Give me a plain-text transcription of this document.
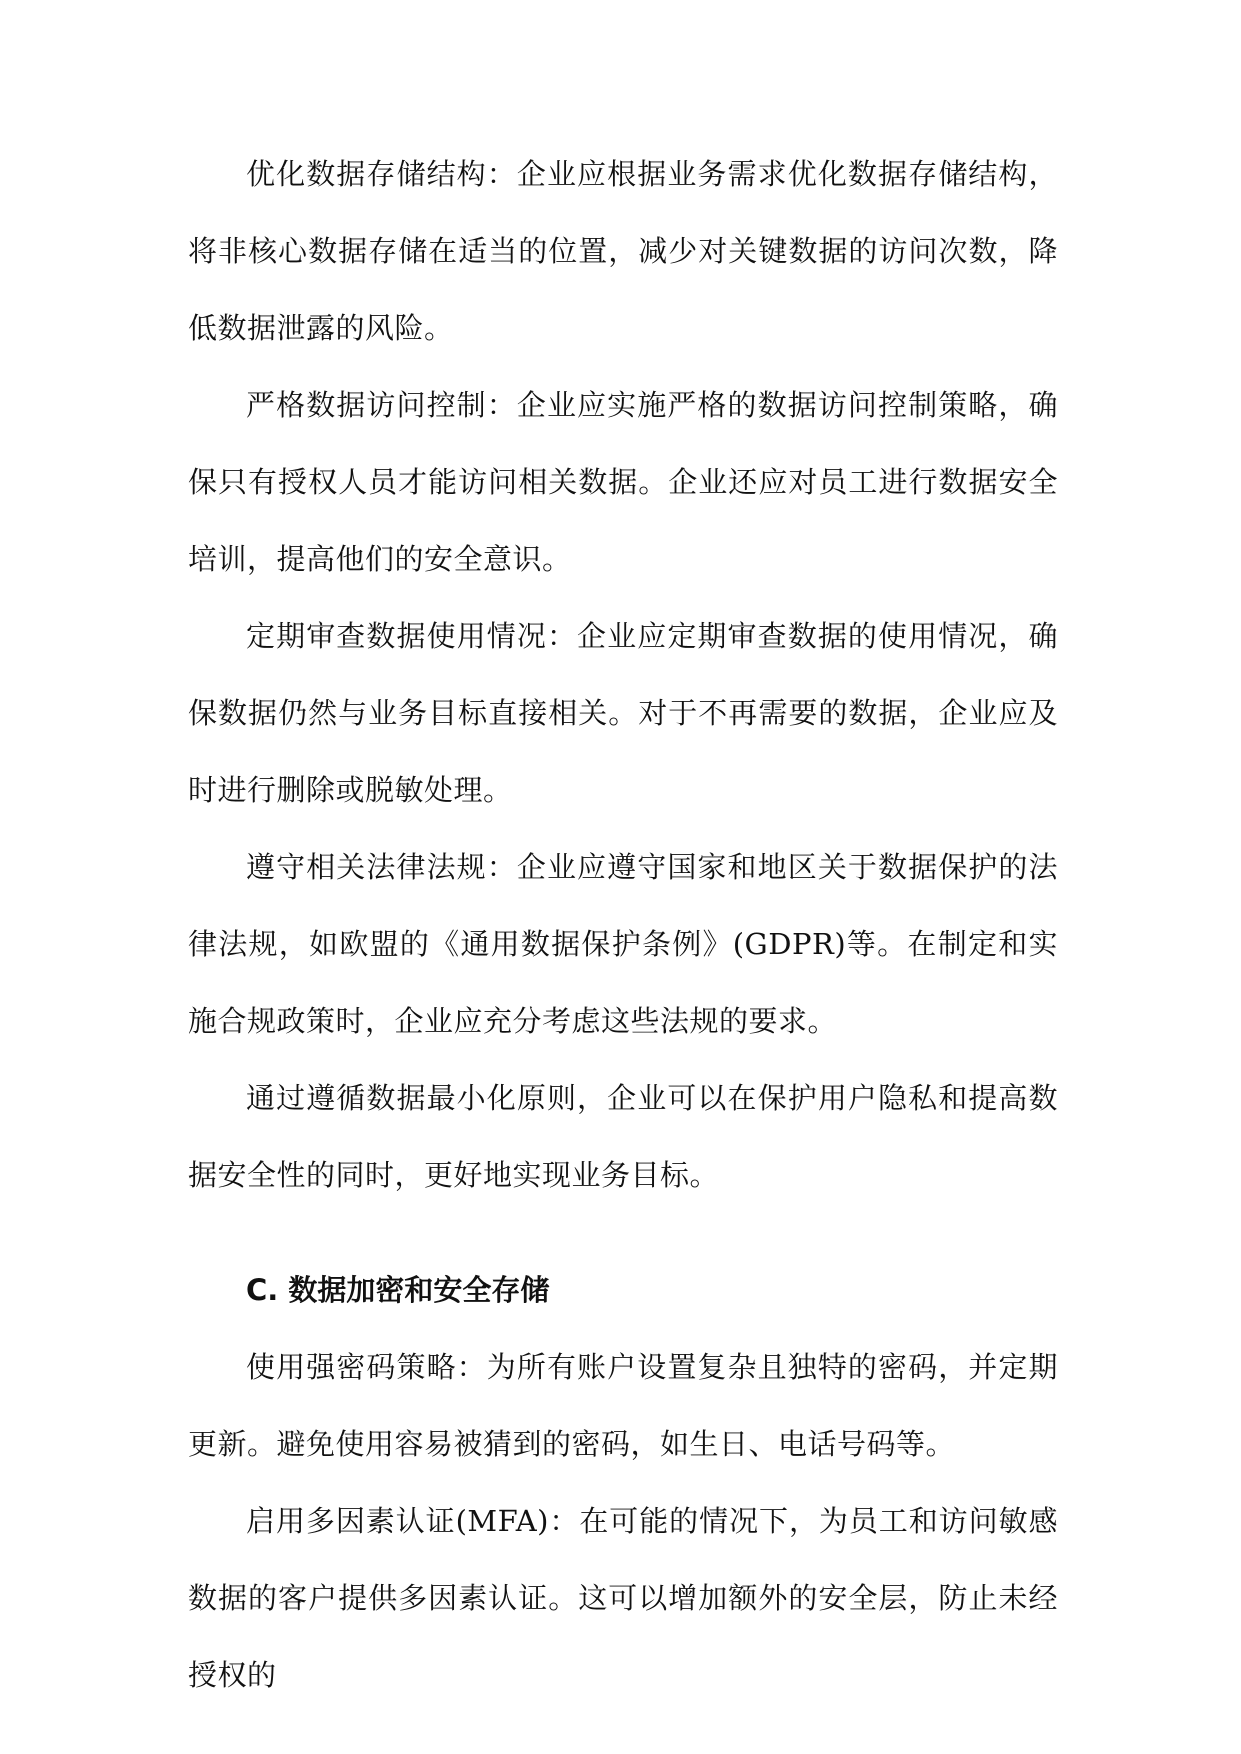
优化数据存储结构：企业应根据业务需求优化数据存储结构，将非核心数据存储在适当的位置，减少对关键数据的访问次数，降低数据泄露的风险。

严格数据访问控制：企业应实施严格的数据访问控制策略，确保只有授权人员才能访问相关数据。企业还应对员工进行数据安全培训，提高他们的安全意识。

定期审查数据使用情况：企业应定期审查数据的使用情况，确保数据仍然与业务目标直接相关。对于不再需要的数据，企业应及时进行删除或脱敏处理。

遵守相关法律法规：企业应遵守国家和地区关于数据保护的法律法规，如欧盟的《通用数据保护条例》(GDPR)等。在制定和实施合规政策时，企业应充分考虑这些法规的要求。

通过遵循数据最小化原则，企业可以在保护用户隐私和提高数据安全性的同时，更好地实现业务目标。

C. 数据加密和安全存储

使用强密码策略：为所有账户设置复杂且独特的密码，并定期更新。避免使用容易被猜到的密码，如生日、电话号码等。

启用多因素认证(MFA)：在可能的情况下，为员工和访问敏感数据的客户提供多因素认证。这可以增加额外的安全层，防止未经授权的
